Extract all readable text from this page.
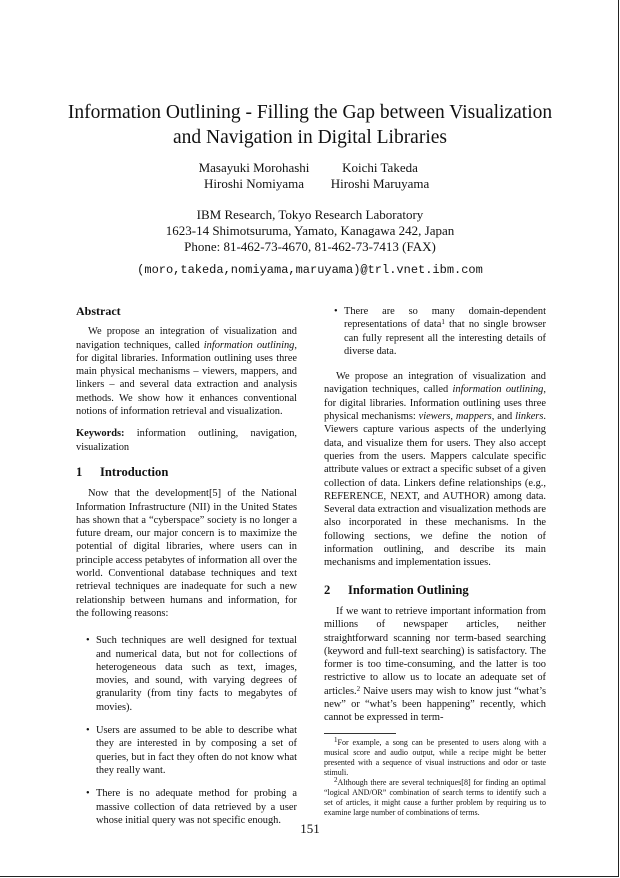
Information Outlining - Filling the Gap between Visualization
and Navigation in Digital Libraries
Masayuki Morohashi	Koichi Takeda
Hiroshi Nomiyama	Hiroshi Maruyama
IBM Research, Tokyo Research Laboratory
1623-14 Shimotsuruma, Yamato, Kanagawa 242, Japan
Phone: 81-462-73-4670, 81-462-73-7413 (FAX)
(moro,takeda,nomiyama,maruyama)@trl.vnet.ibm.com
Abstract

We propose an integration of visualization and navigation techniques, called information outlining, for digital libraries. Information outlining uses three main physical mechanisms – viewers, mappers, and linkers – and several data extraction and analysis methods. We show how it enhances conventional notions of information retrieval and visualization.

Keywords: information outlining, navigation, visualization
1 Introduction

Now that the development[5] of the National Information Infrastructure (NII) in the United States has shown that a “cyberspace” society is no longer a future dream, our major concern is to maximize the potential of digital libraries, where users can in principle access petabytes of information all over the world. Conventional database techniques and text retrieval techniques are inadequate for such a new relationship between humans and information, for the following reasons:

• Such techniques are well designed for textual and numerical data, but not for collections of heterogeneous data such as text, images, movies, and sound, with varying degrees of granularity (from tiny facts to megabytes of movies).
• Users are assumed to be able to describe what they are interested in by composing a set of queries, but in fact they often do not know what they really want.
• There is no adequate method for probing a massive collection of data retrieved by a user whose initial query was not specific enough.
• There are so many domain-dependent representations of data$^1$ that no single browser can fully represent all the interesting details of diverse data.

We propose an integration of visualization and navigation techniques, called information outlining, for digital libraries. Information outlining uses three physical mechanisms: viewers, mappers, and linkers. Viewers capture various aspects of the underlying data, and visualize them for users. They also accept queries from the users. Mappers calculate specific attribute values or extract a specific subset of a given collection of data. Linkers define relationships (e.g., REFERENCE, NEXT, and AUTHOR) among data. Several data extraction and visualization methods are also incorporated in these mechanisms. In the following sections, we define the notion of information outlining, and describe its main mechanisms and implementation issues.

2 Information Outlining

If we want to retrieve important information from millions of newspaper articles, neither straightforward scanning nor term-based searching (keyword and full-text searching) is satisfactory. The former is too time-consuming, and the latter is too restrictive to allow us to locate an adequate set of articles.$^2$ Naive users may wish to know just “what’s new” or “what’s been happening” recently, which cannot be expressed in term-

$^1$For example, a song can be presented to users along with a musical score and audio output, while a recipe might be better presented with a sequence of visual instructions and odor or taste stimuli.

$^2$Although there are several techniques[8] for finding an optimal “logical AND/OR” combination of search terms to identify such a set of articles, it might cause a further problem by requiring us to examine large number of combinations of terms.

151
